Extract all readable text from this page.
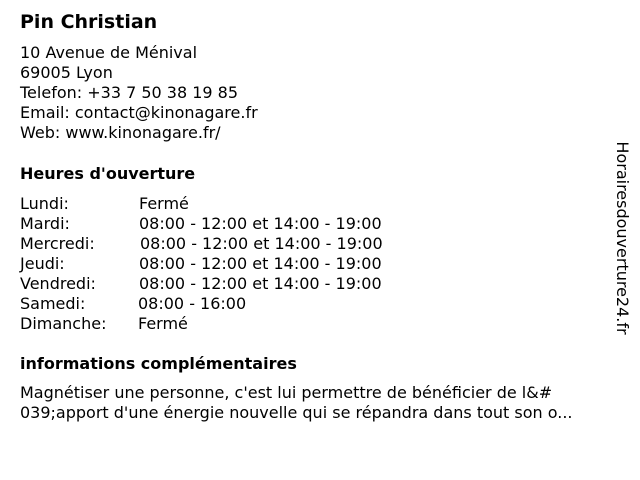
Pin Christian
10 Avenue de Ménival
69005 Lyon
Telefon: +33 7 50 38 19 85
Email: contact@kinonagare.fr
Web: www.kinonagare.fr/
Heures d'ouverture
Lundi:	Fermé
Mardi:	08:00 - 12:00 et 14:00 - 19:00
Mercredi:	08:00 - 12:00 et 14:00 - 19:00
Jeudi:	08:00 - 12:00 et 14:00 - 19:00
Vendredi:	08:00 - 12:00 et 14:00 - 19:00
Samedi:	08:00 - 16:00
Dimanche: Fermé
informations complémentaires
Magnétiser une personne, c'est lui permettre de bénéficier de l&#
039;apport d'une énergie nouvelle qui se répandra dans tout son o...
Horairesdouverture24.fr
